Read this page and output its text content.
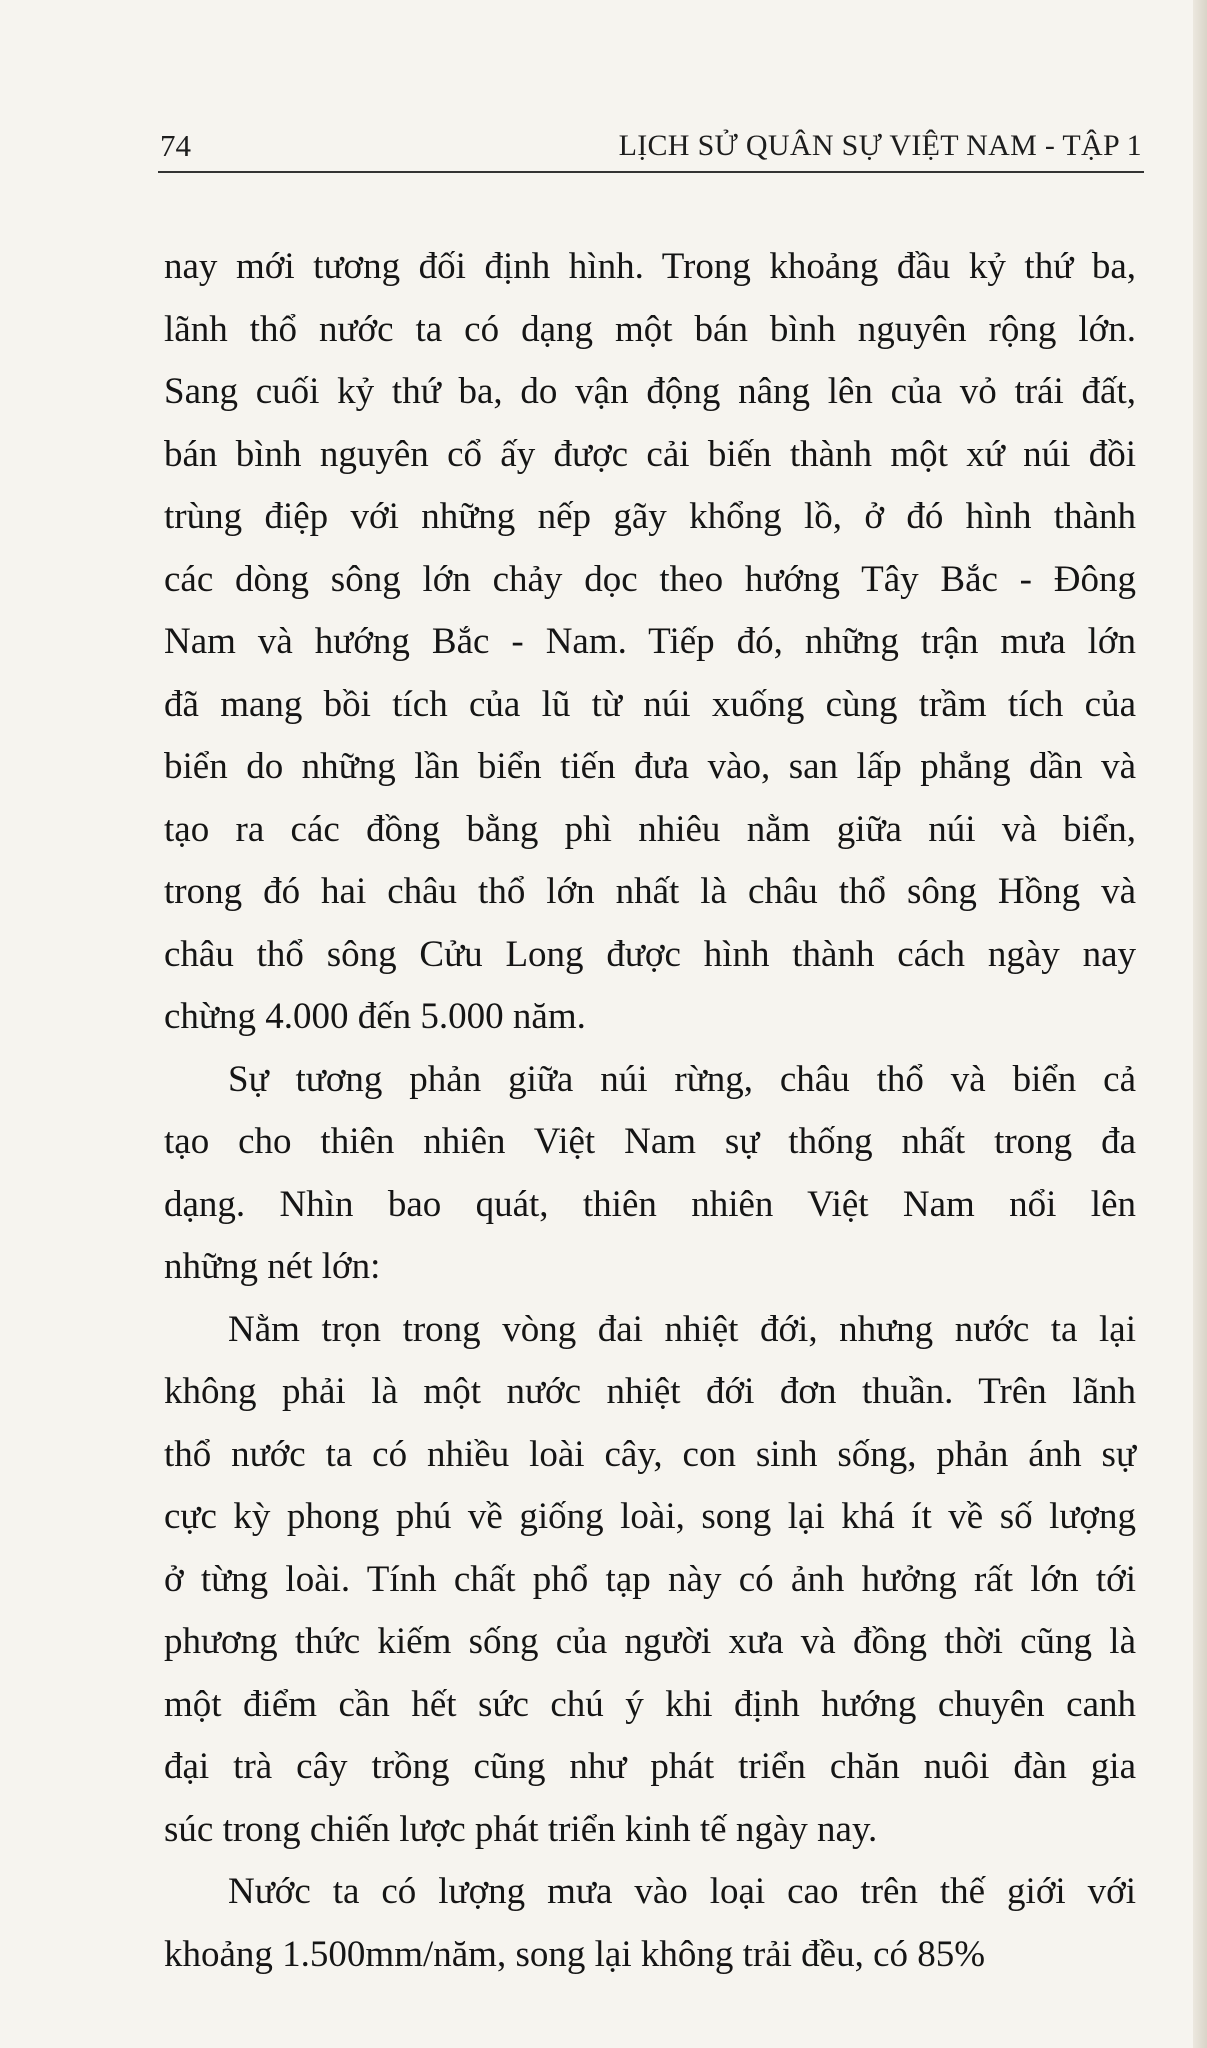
74	LỊCH SỬ QUÂN SỰ VIỆT NAM - TẬP 1
nay mới tương đối định hình. Trong khoảng đầu kỷ thứ ba,
lãnh thổ nước ta có dạng một bán bình nguyên rộng lớn.
Sang cuối kỷ thứ ba, do vận động nâng lên của vỏ trái đất,
bán bình nguyên cổ ấy được cải biến thành một xứ núi đồi
trùng điệp với những nếp gãy khổng lồ, ở đó hình thành
các dòng sông lớn chảy dọc theo hướng Tây Bắc - Đông
Nam và hướng Bắc - Nam. Tiếp đó, những trận mưa lớn
đã mang bồi tích của lũ từ núi xuống cùng trầm tích của
biển do những lần biển tiến đưa vào, san lấp phẳng dần và
tạo ra các đồng bằng phì nhiêu nằm giữa núi và biển,
trong đó hai châu thổ lớn nhất là châu thổ sông Hồng và
châu thổ sông Cửu Long được hình thành cách ngày nay
chừng 4.000 đến 5.000 năm.
Sự tương phản giữa núi rừng, châu thổ và biển cả
tạo cho thiên nhiên Việt Nam sự thống nhất trong đa
dạng. Nhìn bao quát, thiên nhiên Việt Nam nổi lên
những nét lớn:
Nằm trọn trong vòng đai nhiệt đới, nhưng nước ta lại
không phải là một nước nhiệt đới đơn thuần. Trên lãnh
thổ nước ta có nhiều loài cây, con sinh sống, phản ánh sự
cực kỳ phong phú về giống loài, song lại khá ít về số lượng
ở từng loài. Tính chất phổ tạp này có ảnh hưởng rất lớn tới
phương thức kiếm sống của người xưa và đồng thời cũng là
một điểm cần hết sức chú ý khi định hướng chuyên canh
đại trà cây trồng cũng như phát triển chăn nuôi đàn gia
súc trong chiến lược phát triển kinh tế ngày nay.
Nước ta có lượng mưa vào loại cao trên thế giới với
khoảng 1.500mm/năm, song lại không trải đều, có 85%
